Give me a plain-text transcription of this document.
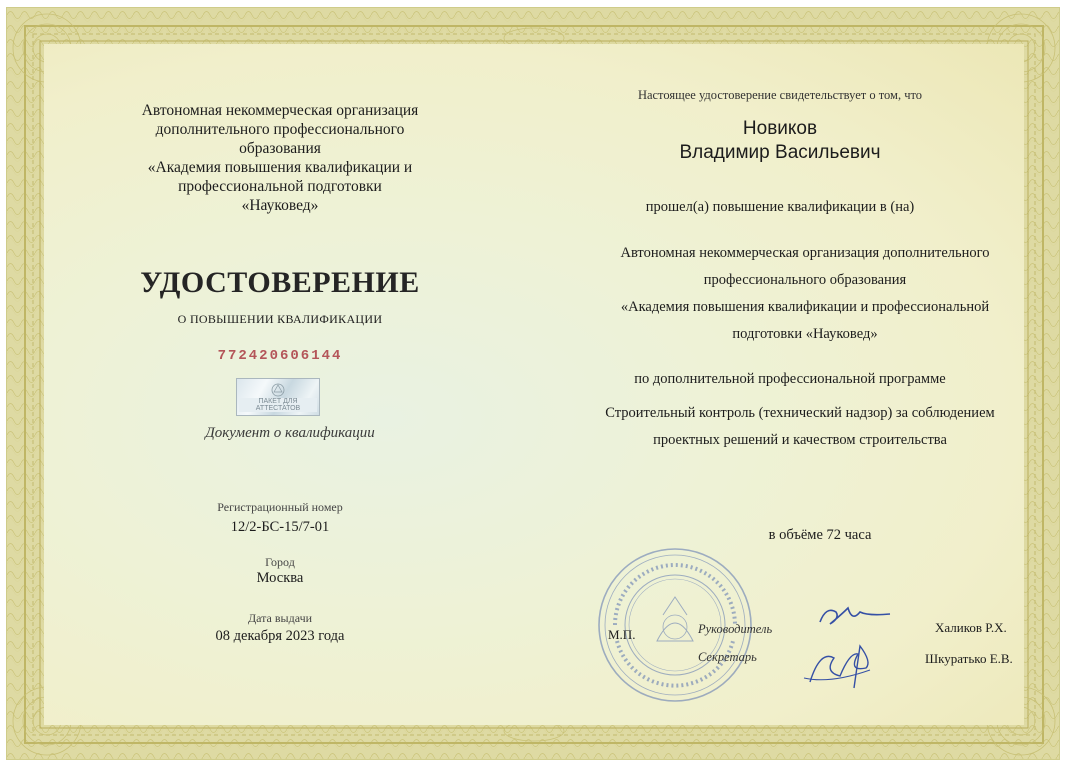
Автономная некоммерческая организация
дополнительного профессионального
образования
«Академия повышения квалификации и
профессиональной подготовки
«Науковед»
УДОСТОВЕРЕНИЕ
О ПОВЫШЕНИИ КВАЛИФИКАЦИИ
772420606144
ПАКЕТ ДЛЯ АТТЕСТАТОВ
Документ о квалификации
Регистрационный номер
12/2-БС-15/7-01
Город
Москва
Дата выдачи
08 декабря 2023 года
Настоящее удостоверение свидетельствует о том, что
Новиков
Владимир Васильевич
прошел(а) повышение квалификации в (на)
Автономная некоммерческая организация дополнительного
профессионального образования
«Академия повышения квалификации и профессиональной
подготовки «Науковед»
по дополнительной профессиональной программе
Строительный контроль (технический надзор) за соблюдением
проектных решений и качеством строительства
в объёме 72 часа
М.П.	Руководитель
Секретарь
Халиков Р.Х.
Шкуратько Е.В.
